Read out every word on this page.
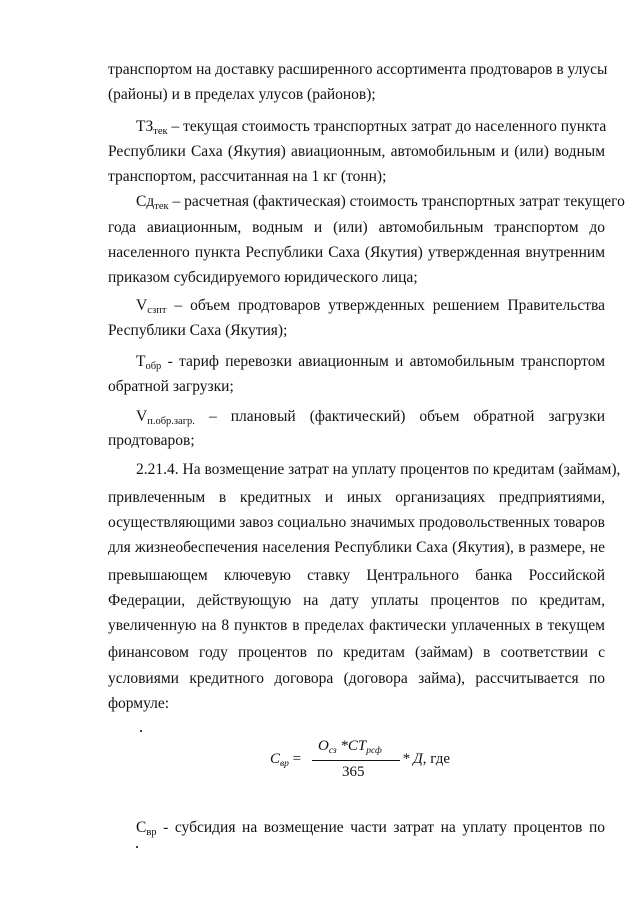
транспортом на доставку расширенного ассортимента продтоваров в улусы
(районы) и в пределах улусов (районов);
$ТЗ_{тек}$ – текущая стоимость транспортных затрат до населенного пункта
Республики Саха (Якутия) авиационным, автомобильным и (или) водным
транспортом, рассчитанная на 1 кг (тонн);
$Сд_{тек}$ – расчетная (фактическая) стоимость транспортных затрат текущего
года авиационным, водным и (или) автомобильным транспортом до
населенного пункта Республики Саха (Якутия) утвержденная внутренним
приказом субсидируемого юридического лица;
$V_{сзпт}$ – объем продтоваров утвержденных решением Правительства
Республики Саха (Якутия);
$Т_{обр}$ - тариф перевозки авиационным и автомобильным транспортом
обратной загрузки;
$V_{п.обр.загр.}$ – плановый (фактический) объем обратной загрузки
продтоваров;
2.21.4. На возмещение затрат на уплату процентов по кредитам (займам),
привлеченным в кредитных и иных организациях предприятиями,
осуществляющими завоз социально значимых продовольственных товаров
для жизнеобеспечения населения Республики Саха (Якутия), в размере, не
превышающем ключевую ставку Центрального банка Российской
Федерации, действующую на дату уплаты процентов по кредитам,
увеличенную на 8 пунктов в пределах фактически уплаченных в текущем
финансовом году процентов по кредитам (займам) в соответствии с
условиями кредитного договора (договора займа), рассчитывается по
формуле:
$С_{вр}$ =
$О_{сз}$ $*СТ_{рсф}$
365
* Д, где
$С_{вр}$ - субсидия на возмещение части затрат на уплату процентов по
